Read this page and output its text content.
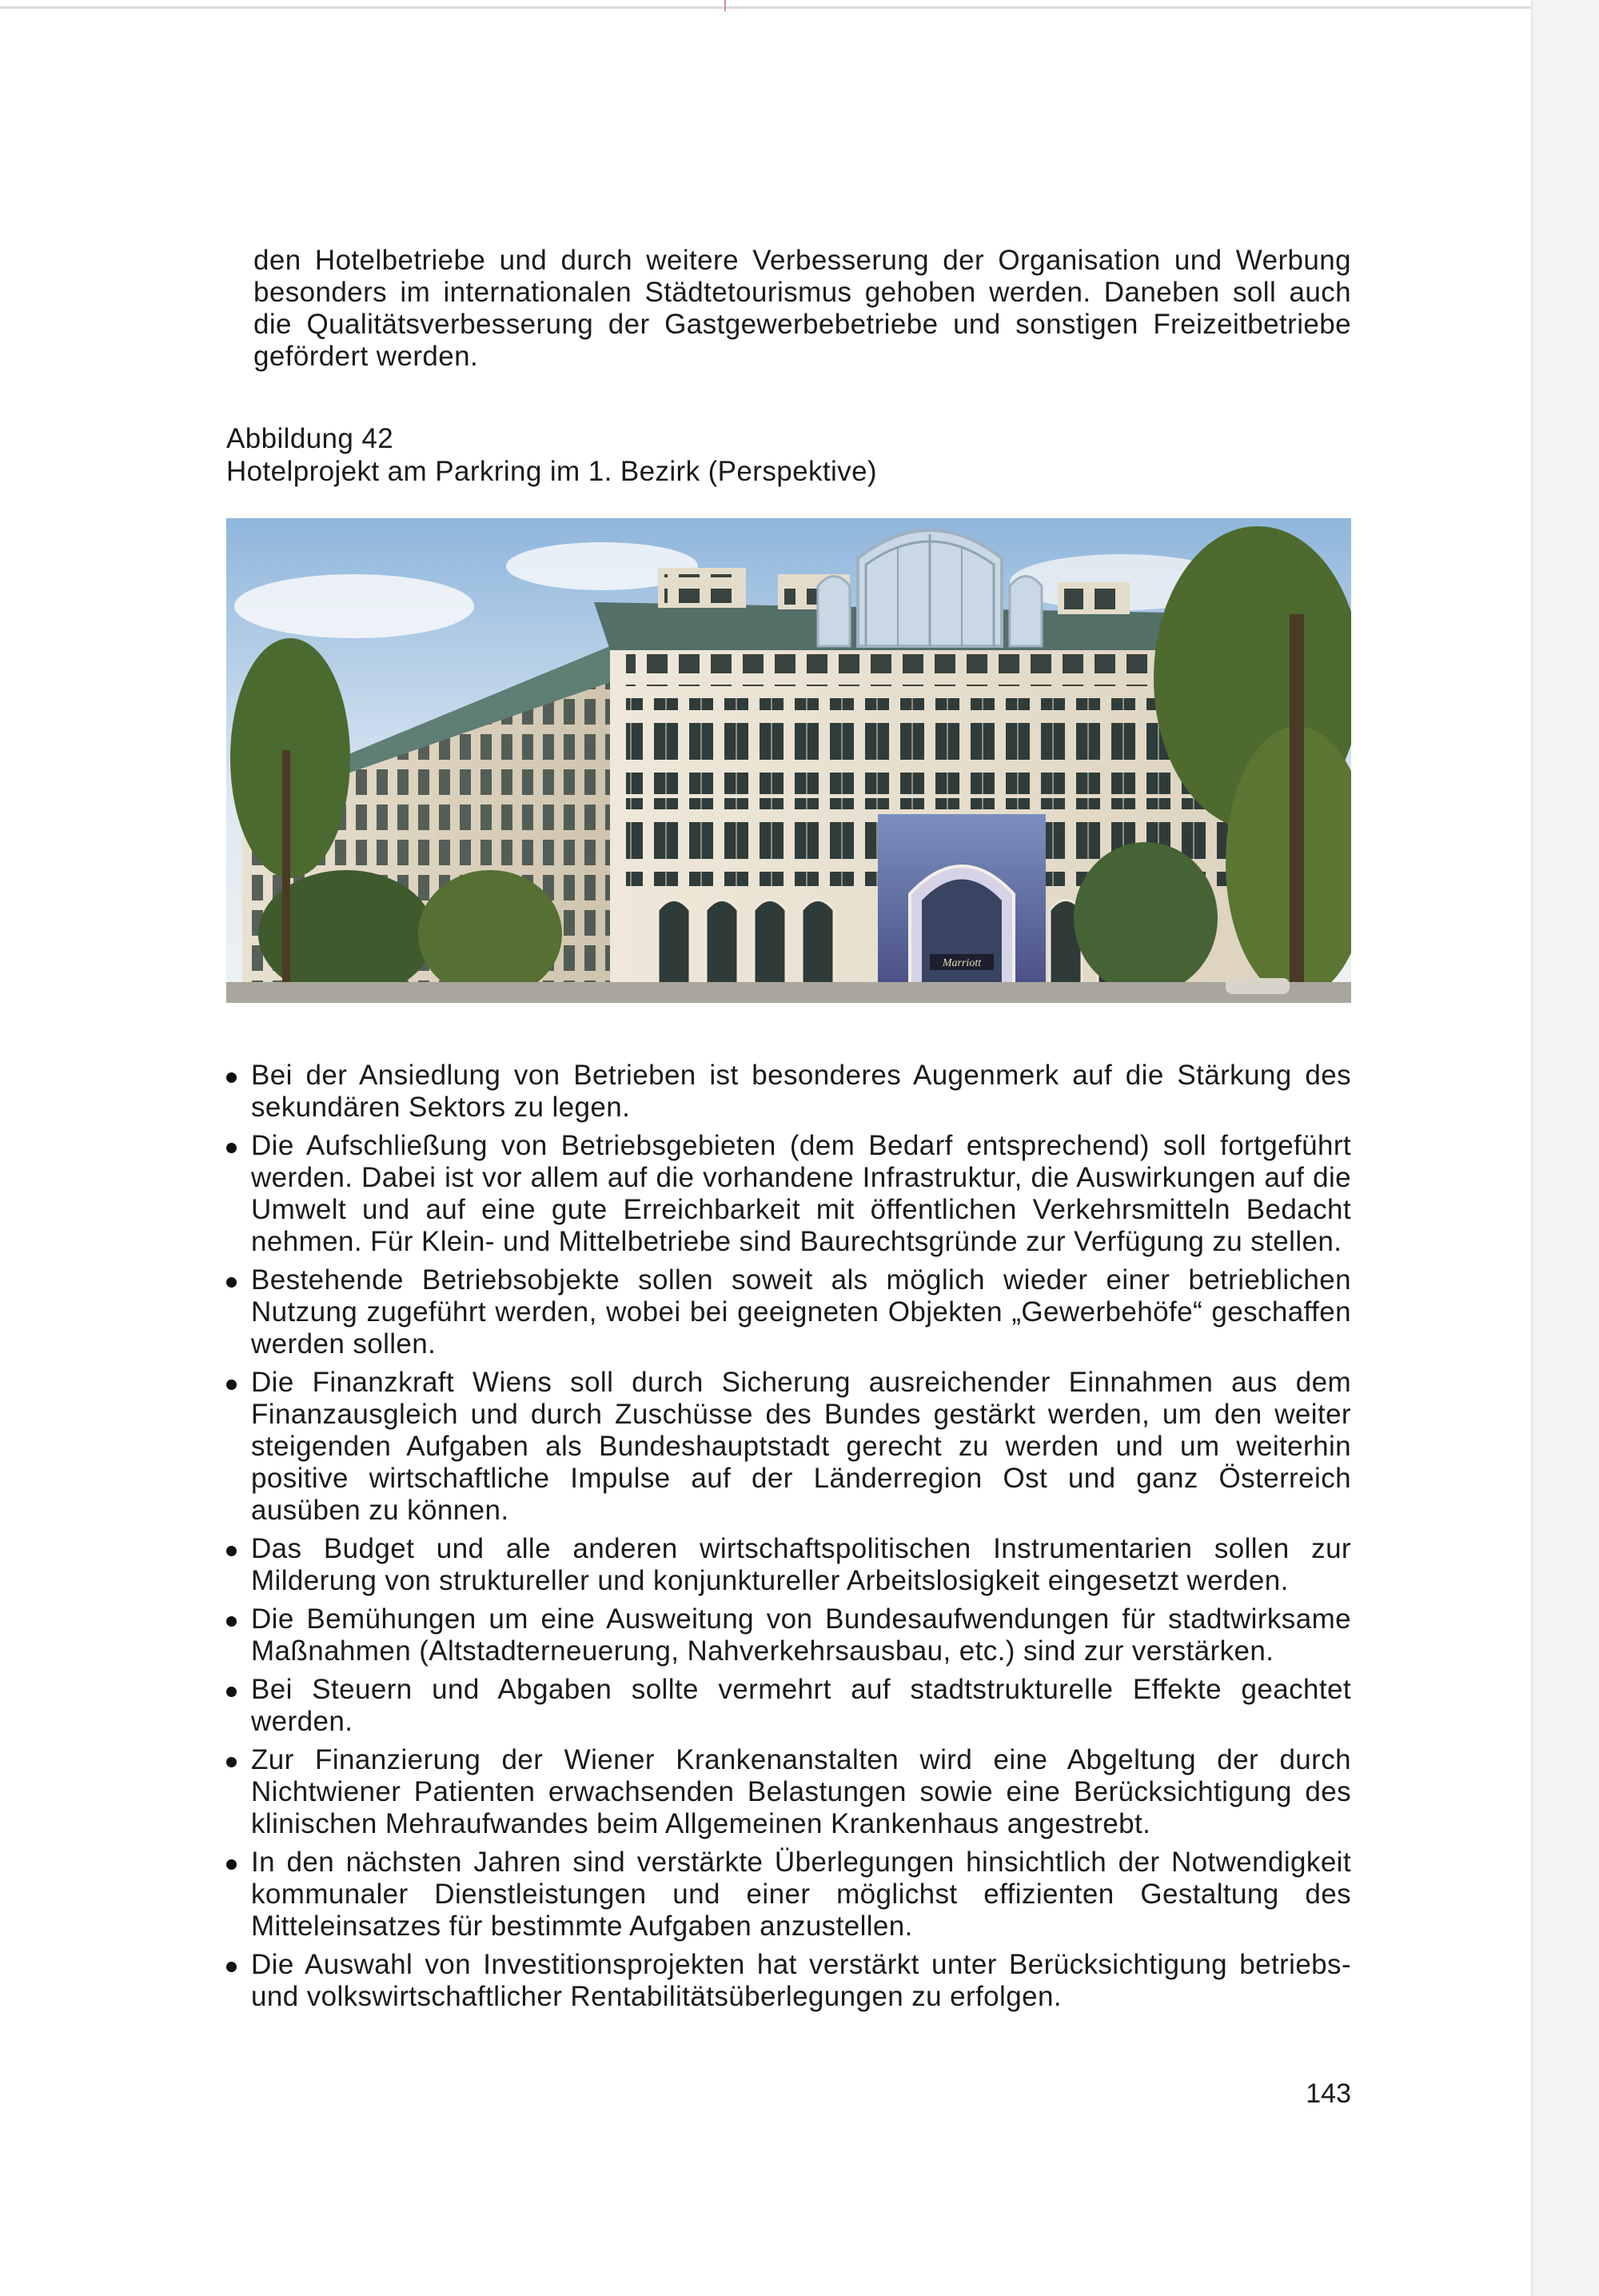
den Hotelbetriebe und durch weitere Verbesserung der Organisation und Werbung besonders im internationalen Städtetourismus gehoben werden. Daneben soll auch die Qualitätsverbesserung der Gastgewerbebetriebe und sonstigen Freizeitbetriebe gefördert werden.

Abbildung 42
Hotelprojekt am Parkring im 1. Bezirk (Perspektive)
Marriott
Bei der Ansiedlung von Betrieben ist besonderes Augenmerk auf die Stärkung des sekundären Sektors zu legen.
Die Aufschließung von Betriebsgebieten (dem Bedarf entsprechend) soll fortgeführt werden. Dabei ist vor allem auf die vorhandene Infrastruktur, die Auswirkungen auf die Umwelt und auf eine gute Erreichbarkeit mit öffentlichen Verkehrsmitteln Bedacht nehmen. Für Klein- und Mittelbetriebe sind Baurechtsgründe zur Verfügung zu stellen.
Bestehende Betriebsobjekte sollen soweit als möglich wieder einer betrieblichen Nutzung zugeführt werden, wobei bei geeigneten Objekten „Gewerbehöfe“ geschaffen werden sollen.
Die Finanzkraft Wiens soll durch Sicherung ausreichender Einnahmen aus dem Finanzausgleich und durch Zuschüsse des Bundes gestärkt werden, um den weiter steigenden Aufgaben als Bundeshauptstadt gerecht zu werden und um weiterhin positive wirtschaftliche Impulse auf der Länderregion Ost und ganz Österreich ausüben zu können.
Das Budget und alle anderen wirtschaftspolitischen Instrumentarien sollen zur Milderung von struktureller und konjunktureller Arbeitslosigkeit eingesetzt werden.
Die Bemühungen um eine Ausweitung von Bundesaufwendungen für stadtwirksame Maßnahmen (Altstadterneuerung, Nahverkehrsausbau, etc.) sind zur verstärken.
Bei Steuern und Abgaben sollte vermehrt auf stadtstrukturelle Effekte geachtet werden.
Zur Finanzierung der Wiener Krankenanstalten wird eine Abgeltung der durch Nichtwiener Patienten erwachsenden Belastungen sowie eine Berücksichtigung des klinischen Mehraufwandes beim Allgemeinen Krankenhaus angestrebt.
In den nächsten Jahren sind verstärkte Überlegungen hinsichtlich der Notwendigkeit kommunaler Dienstleistungen und einer möglichst effizienten Gestaltung des Mitteleinsatzes für bestimmte Aufgaben anzustellen.
Die Auswahl von Investitionsprojekten hat verstärkt unter Berücksichtigung betriebs- und volkswirtschaftlicher Rentabilitätsüberlegungen zu erfolgen.
143
